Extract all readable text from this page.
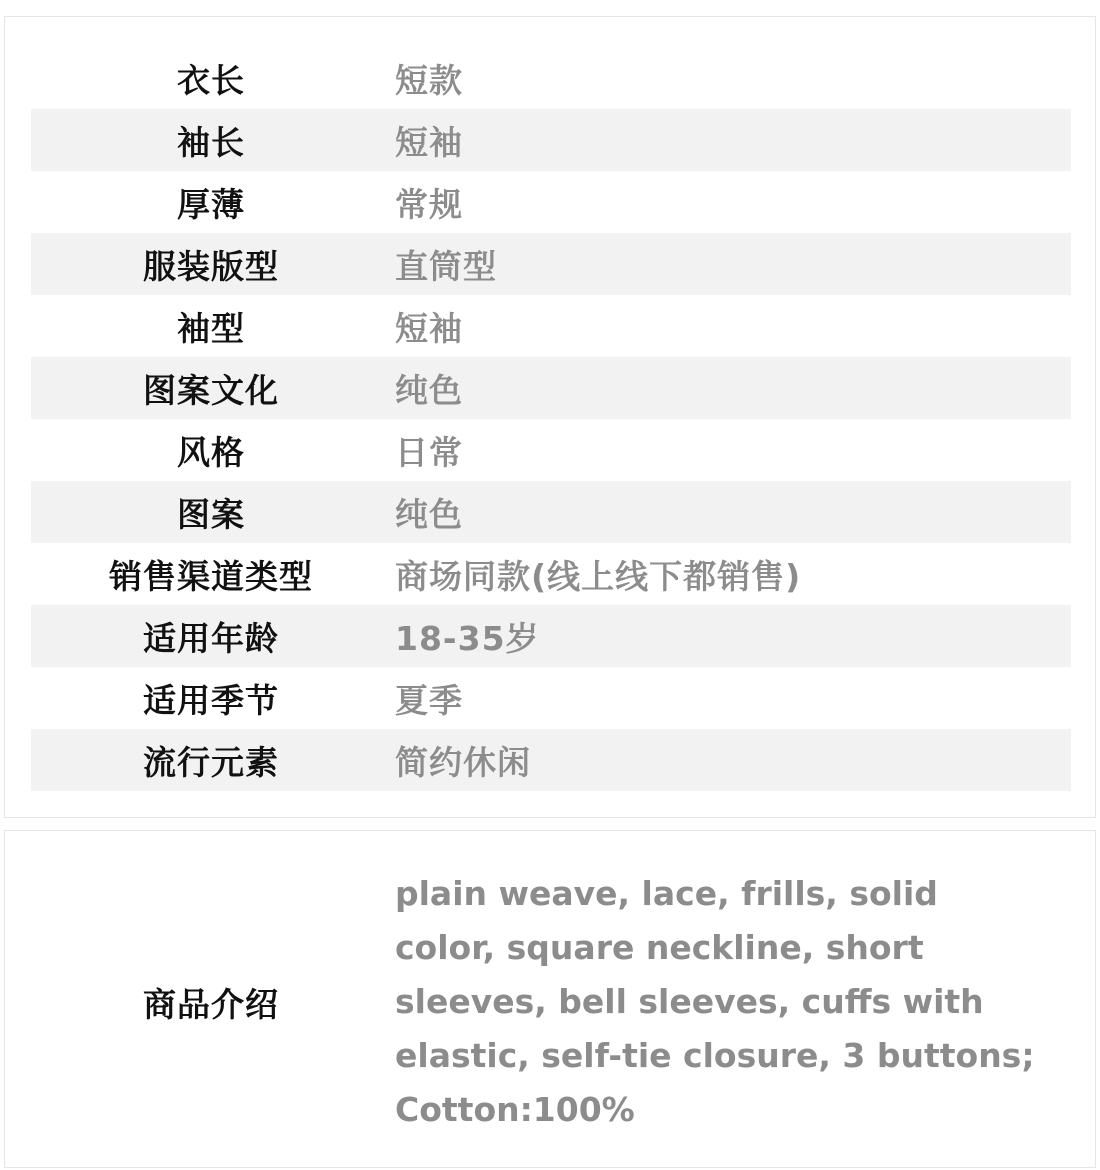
衣长	短款
袖长	短袖
厚薄	常规
服装版型	直筒型
袖型	短袖
图案文化	纯色
风格	日常
图案	纯色
销售渠道类型	商场同款(线上线下都销售)
适用年龄	18-35岁
适用季节	夏季
流行元素	简约休闲
商品介绍
plain weave, lace, frills, solid
color, square neckline, short
sleeves, bell sleeves, cuffs with
elastic, self-tie closure, 3 buttons;
Cotton:100%
